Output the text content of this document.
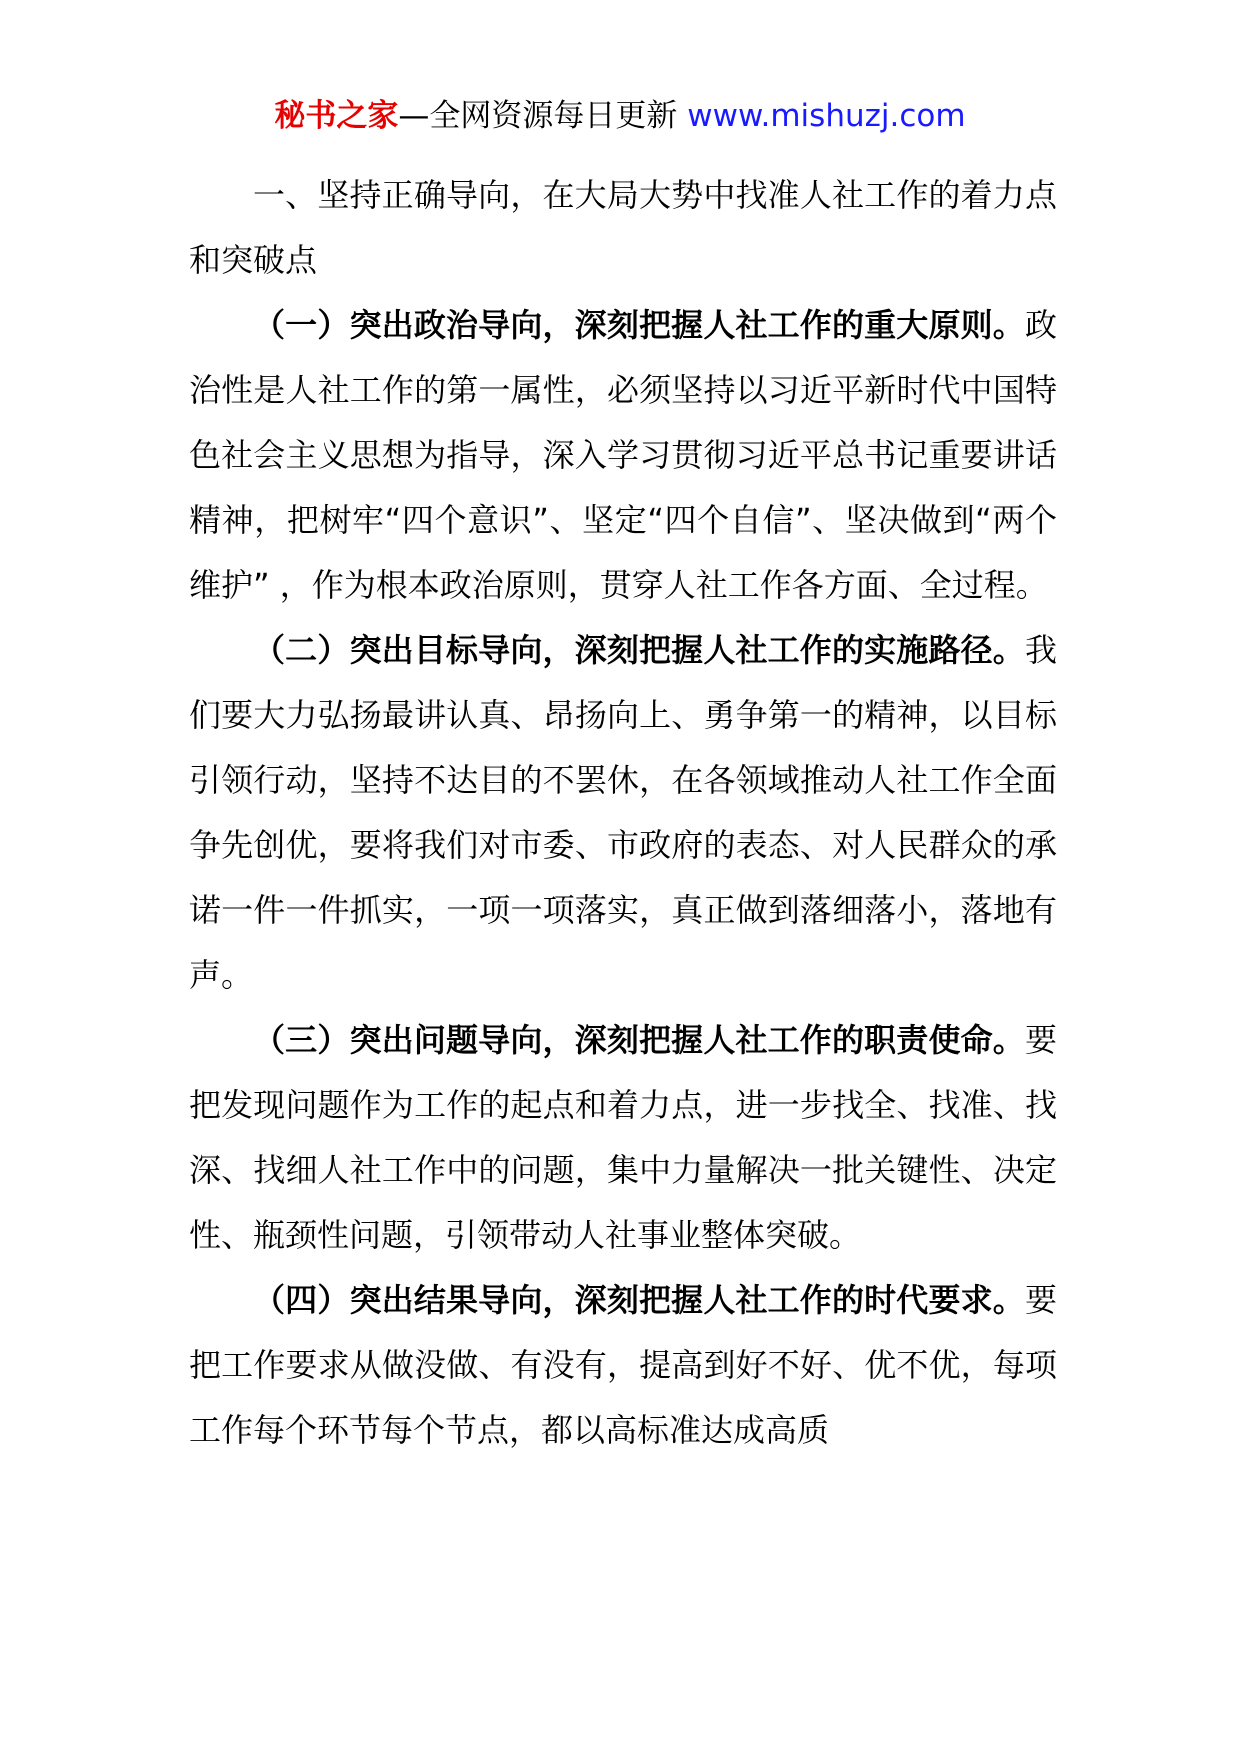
秘书之家—全网资源每日更新 www.mishuzj.com

一、坚持正确导向，在大局大势中找准人社工作的着力点和突破点

（一）突出政治导向，深刻把握人社工作的重大原则。政治性是人社工作的第一属性，必须坚持以习近平新时代中国特色社会主义思想为指导，深入学习贯彻习近平总书记重要讲话精神，把树牢“四个意识”、坚定“四个自信”、坚决做到“两个维护” ，作为根本政治原则，贯穿人社工作各方面、全过程。

（二）突出目标导向，深刻把握人社工作的实施路径。我们要大力弘扬最讲认真、昂扬向上、勇争第一的精神，以目标引领行动，坚持不达目的不罢休，在各领域推动人社工作全面争先创优，要将我们对市委、市政府的表态、对人民群众的承诺一件一件抓实，一项一项落实，真正做到落细落小，落地有声。

（三）突出问题导向，深刻把握人社工作的职责使命。要把发现问题作为工作的起点和着力点，进一步找全、找准、找深、找细人社工作中的问题，集中力量解决一批关键性、决定性、瓶颈性问题，引领带动人社事业整体突破。

（四）突出结果导向，深刻把握人社工作的时代要求。要把工作要求从做没做、有没有，提高到好不好、优不优，每项工作每个环节每个节点，都以高标准达成高质
